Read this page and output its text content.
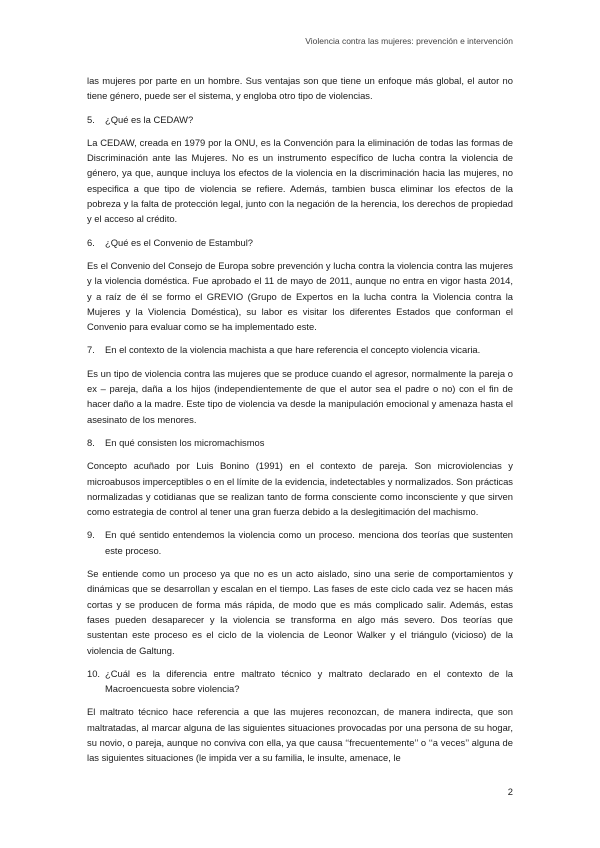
Violencia contra las mujeres: prevención e intervención

las mujeres por parte en un hombre. Sus ventajas son que tiene un enfoque más global, el autor no tiene género, puede ser el sistema, y engloba otro tipo de violencias.

5.	¿Qué es la CEDAW?

La CEDAW, creada en 1979 por la ONU, es la Convención para la eliminación de todas las formas de Discriminación ante las Mujeres. No es un instrumento específico de lucha contra la violencia de género, ya que, aunque incluya los efectos de la violencia en la discriminación hacia las mujeres, no especifica a que tipo de violencia se refiere. Además, tambien busca eliminar los efectos de la pobreza y la falta de protección legal, junto con la negación de la herencia, los derechos de propiedad y el acceso al crédito.

6.	¿Qué es el Convenio de Estambul?

Es el Convenio del Consejo de Europa sobre prevención y lucha contra la violencia contra las mujeres y la violencia doméstica. Fue aprobado el 11 de mayo de 2011, aunque no entra en vigor hasta 2014, y a raíz de él se formo el GREVIO (Grupo de Expertos en la lucha contra la Violencia contra la Mujeres y la Violencia Doméstica), su labor es visitar los diferentes Estados que conforman el Convenio para evaluar como se ha implementado este.

7.	En el contexto de la violencia machista a que hare referencia el concepto violencia vicaria.

Es un tipo de violencia contra las mujeres que se produce cuando el agresor, normalmente la pareja o ex – pareja, daña a los hijos (independientemente de que el autor sea el padre o no) con el fin de hacer daño a la madre. Este tipo de violencia va desde la manipulación emocional y amenaza hasta el asesinato de los menores.

8.	En qué consisten los micromachismos

Concepto acuñado por Luis Bonino (1991) en el contexto de pareja. Son microviolencias y microabusos imperceptibles o en el límite de la evidencia, indetectables y normalizados. Son prácticas normalizadas y cotidianas que se realizan tanto de forma consciente como inconsciente y que sirven como estrategia de control al tener una gran fuerza debido a la deslegitimación del machismo.

9.	En qué sentido entendemos la violencia como un proceso. menciona dos teorías que sustenten este proceso.

Se entiende como un proceso ya que no es un acto aislado, sino una serie de comportamientos y dinámicas que se desarrollan y escalan en el tiempo. Las fases de este ciclo cada vez se hacen más cortas y se producen de forma más rápida, de modo que es más complicado salir. Además, estas fases pueden desaparecer y la violencia se transforma en algo más severo. Dos teorías que sustentan este proceso es el ciclo de la violencia de Leonor Walker y el triángulo (vicioso) de la violencia de Galtung.

10. ¿Cuál es la diferencia entre maltrato técnico y maltrato declarado en el contexto de la Macroencuesta sobre violencia?

El maltrato técnico hace referencia a que las mujeres reconozcan, de manera indirecta, que son maltratadas, al marcar alguna de las siguientes situaciones provocadas por una persona de su hogar, su novio, o pareja, aunque no conviva con ella, ya que causa ‘‘frecuentemente’’ o ‘‘a veces’’ alguna de las siguientes situaciones (le impida ver a su familia, le insulte, amenace, le

2
